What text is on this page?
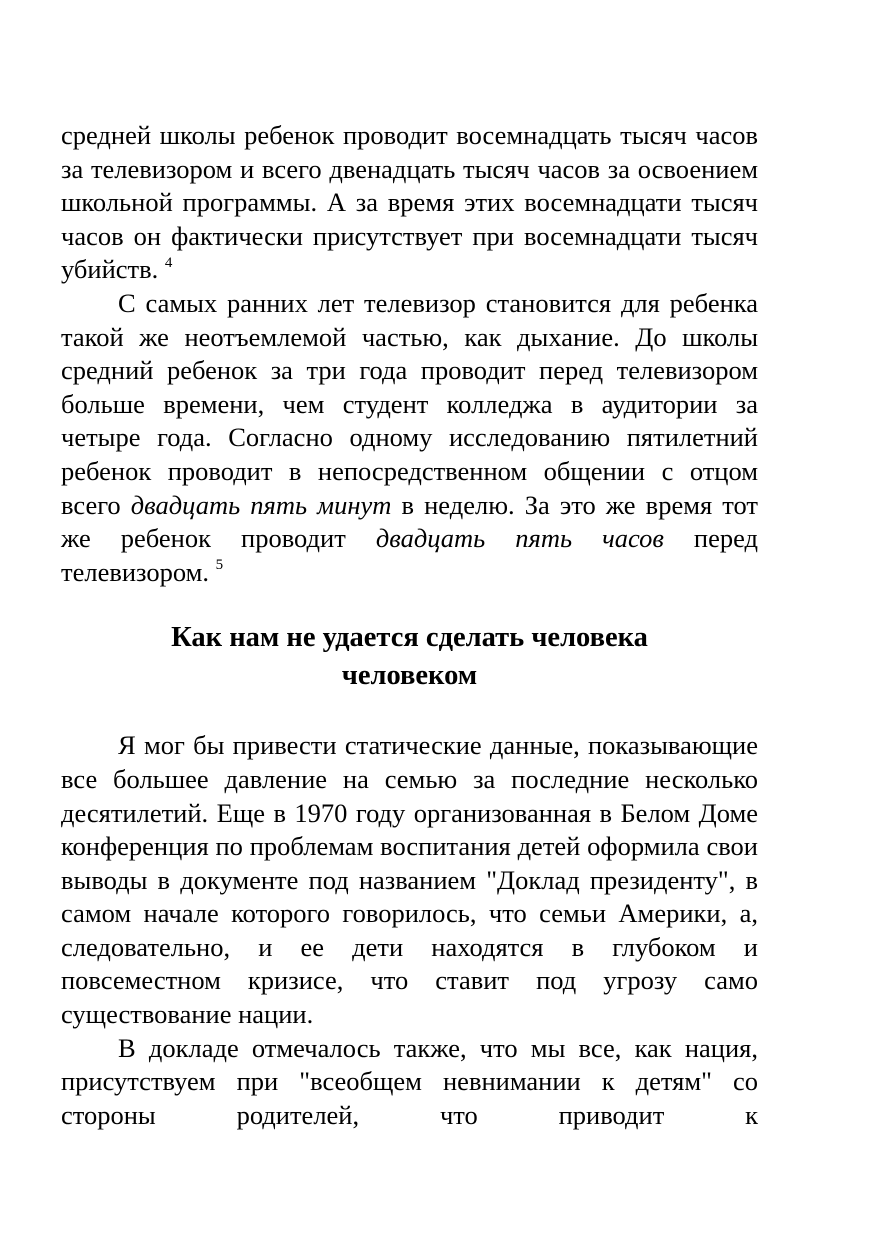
средней школы ребенок проводит восемнадцать тысяч часов за телевизором и всего двенадцать тысяч часов за освоением школьной программы. А за время этих восемнадцати тысяч часов он фактически присутствует при восемнадцати тысяч убийств. $^4$

С самых ранних лет телевизор становится для ребенка такой же неотъемлемой частью, как дыхание. До школы средний ребенок за три года проводит перед телевизором больше времени, чем студент колледжа в аудитории за четыре года. Согласно одному исследованию пятилетний ребенок проводит в непосредственном общении с отцом всего двадцать пять минут в неделю. За это же время тот же ребенок проводит двадцать пять часов перед телевизором. $^5$

Как нам не удается сделать человека
человеком

Я мог бы привести статические данные, показывающие все большее давление на семью за последние несколько десятилетий. Еще в 1970 году организованная в Белом Доме конференция по проблемам воспитания детей оформила свои выводы в документе под названием "Доклад президенту", в самом начале которого говорилось, что семьи Америки, а, следовательно, и ее дети находятся в глубоком и повсеместном кризисе, что ставит под угрозу само существование нации.

В докладе отмечалось также, что мы все, как нация, присутствуем при "всеобщем невнимании к детям" со стороны родителей, что приводит к
